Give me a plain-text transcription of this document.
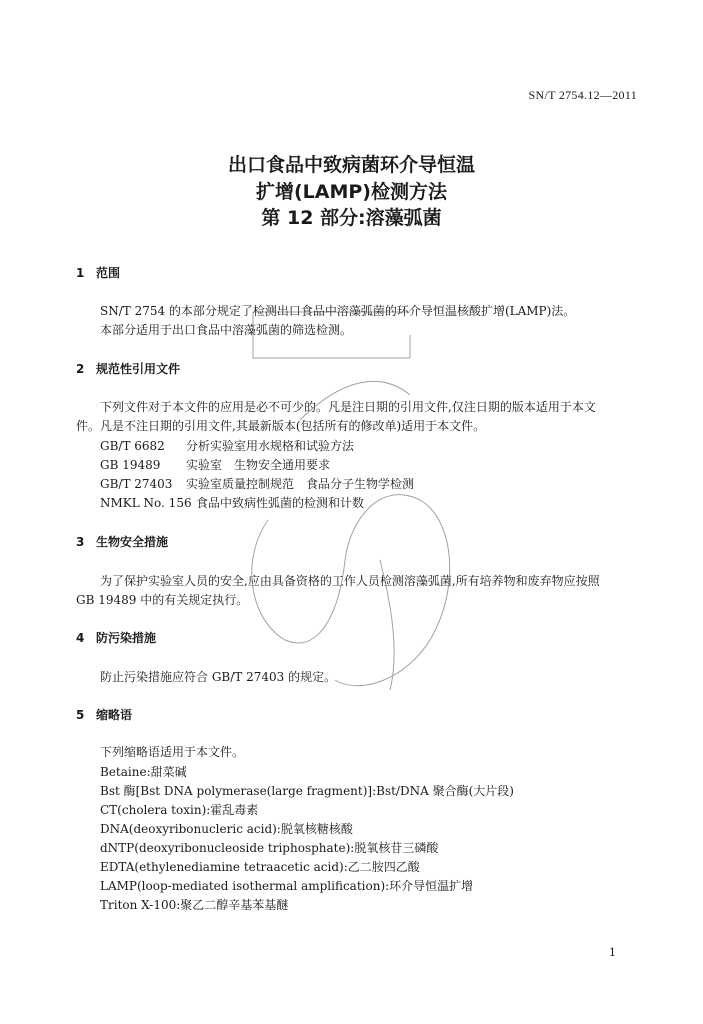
SN/T 2754.12—2011
出口食品中致病菌环介导恒温
扩增(LAMP)检测方法
第 12 部分:溶藻弧菌
1 范围
SN/T 2754 的本部分规定了检测出口食品中溶藻弧菌的环介导恒温核酸扩增(LAMP)法。
本部分适用于出口食品中溶藻弧菌的筛选检测。
2 规范性引用文件
下列文件对于本文件的应用是必不可少的。凡是注日期的引用文件,仅注日期的版本适用于本文
件。凡是不注日期的引用文件,其最新版本(包括所有的修改单)适用于本文件。
GB/T 6682 分析实验室用水规格和试验方法
GB 19489 实验室　生物安全通用要求
GB/T 27403 实验室质量控制规范　食品分子生物学检测
NMKL No. 156 食品中致病性弧菌的检测和计数
3 生物安全措施
为了保护实验室人员的安全,应由具备资格的工作人员检测溶藻弧菌,所有培养物和废弃物应按照
GB 19489 中的有关规定执行。
4 防污染措施
防止污染措施应符合 GB/T 27403 的规定。
5 缩略语
下列缩略语适用于本文件。
Betaine:甜菜碱
Bst 酶[Bst DNA polymerase(large fragment)]:Bst/DNA 聚合酶(大片段)
CT(cholera toxin):霍乱毒素
DNA(deoxyribonucleric acid):脱氧核糖核酸
dNTP(deoxyribonucleoside triphosphate):脱氧核苷三磷酸
EDTA(ethylenediamine tetraacetic acid):乙二胺四乙酸
LAMP(loop-mediated isothermal amplification):环介导恒温扩增
Triton X-100:聚乙二醇辛基苯基醚
1
